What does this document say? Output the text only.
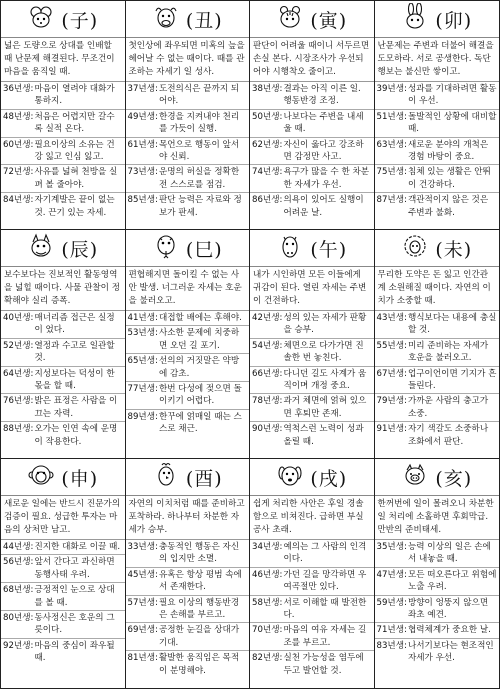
(子)
넓은 도량으로 상대를 인배할 때 난문제 해결된다. 무조건이 마음을 움직일 때.
36년생: 마음이 열려야 대화가 통하지.
48년생: 처음은 어렵지만 갈수록 실적 온다.
60년생: 필요이상의 소유는 건강 잃고 인심 잃고.
72년생: 사유를 넓혀 천방을 실펴 볼 줄아야.
84년생: 자기계발은 끝이 없는 것. 끈기 있는 자세.
(丑)
첫인상에 좌우되면 미혹의 늪을 헤어날 수 없는 때이다. 때를 관조하는 자세기 일 성사.
37년생: 도전의식은 끝까지 되어야.
49년생: 한경을 지켜내야 천리를 가듯이 실행.
61년생: 목언으로 행동이 앞서야 신뢰.
73년생: 운명의 허실을 정확한전 스스로를 점검.
85년생: 판단 능력은 자료와 정보가 판세.
(寅)
판단이 어려울 때이니 서두르면 손실 본다. 시장조사가 우선되어야 시행착오 줄이고.
38년생: 결과는 아직 이른 일. 행동반경 조정.
50년생: 나보다는 주변을 내세울 때.
62년생: 자신이 옳다고 강조하면 감정만 사고.
74년생: 욕구가 많을 수 한 차분한 자세가 우선.
86년생: 의욕이 있어도 실행이 어려운 날.
(卯)
난문제는 주변과 더불어 해결을 도모하라. 서로 공생한다. 독단 행보는 불신만 쌓이고.
39년생: 성과를 기대하려면 활동이 우선.
51년생: 돌발적인 상황에 대비할 때.
63년생: 새로운 분야의 개척은 경험 바탕이 중요.
75년생: 침체 있는 생활은 안뛰이 건강하다.
87년생: 객관적이지 않은 것은 주변과 불화.
(辰)
보수보다는 진보적인 활동영역을 넓힐 때이다. 사물 관찰이 정확해야 실리 증폭.
40년생: 매너리즘 접근은 실정이 었다.
52년생: 열정과 수고로 일관할 것.
64년생: 지성보다는 덕성이 한몫을 할 때.
76년생: 밝은 표정은 사람을 이끄는 자력.
88년생: 오가는 인연 속에 운명이 작용한다.
(巳)
편협해지면 돌이킬 수 없는 사안 발생. 너그러운 자세는 호운을 불러오고.
41년생: 대접할 배에는 후해야.
53년생: 사소한 문제에 치중하면 오던 길 포기.
65년생: 선의의 거짓말은 약방에 감초.
77년생: 한번 다성에 젖으면 돌이키기 어렵다.
89년생: 한꾸에 얽매일 때는 스스로 채근.
(午)
내가 시인하면 모든 이들에게 귀감이 된다. 열린 자세는 주변이 건전하다.
42년생: 성의 있는 자세가 판황을 승부.
54년생: 체면으로 다가가면 진솔한 번 놓친다.
66년생: 다니던 길도 사계가 움직이며 개정 중요.
78년생: 과거 체면에 얽혀 있으면 후퇴만 존재.
90년생: 역척스런 노력이 성과 올릴 때.
(未)
무리한 도약은 돈 잃고 인간관계 소원해질 때이다. 자연의 이치가 소중할 때.
43년생: 행식보다는 내용에 충실할 것.
55년생: 미리 준비하는 자세가 호운을 불러오고.
67년생: 업구이언이면 기지가 흔들린다.
79년생: 가까운 사람의 충고가 소중.
91년생: 자기 색갈도 소중하나 조화에서 판단.
(申)
새로운 일에는 반드시 진문가의 검증이 필요. 성급한 투자는 마음의 상처만 남고.
44년생: 진지한 대화로 이끌 때.
56년생: 앞서 간다고 과신하면 동행사태 우려.
68년생: 긍정적인 눈으로 상대를 볼 때.
80년생: 동사정신은 호운의 그릇이다.
92년생: 마음의 중심이 좌우될 때.
(酉)
자연의 이치처럼 때를 준비하고 포착하라. 하나부터 차분한 자세가 승부.
33년생: 충동적인 행동은 자신의 입지만 소멸.
45년생: 유혹은 항상 평범 속에서 존재한다.
57년생: 필요 이상의 행동반경은 손해를 부르고.
69년생: 공정한 눈길을 상대가 기대.
81년생: 활발한 움직임은 목적이 분명해야.
(戌)
쉽게 처리한 사안은 후일 경솔함으로 비쳐진다. 급하면 부실공사 초래.
34년생: 예의는 그 사람의 인격이다.
46년생: 가던 길을 망각하면 우여곡절만 있다.
58년생: 서로 이해할 때 발전한다.
70년생: 마음의 여유 자세는 길조를 부르고.
82년생: 실천 가능성을 염두에 두고 발언할 것.
(亥)
한꺼번에 일이 몰려오니 차분한 일 처리에 소홀하면 후회막급. 만반의 준비태세.
35년생: 능력 이상의 일은 손에서 내놓을 때.
47년생: 모든 떠오른다고 위험에 노출 우려.
59년생: 방향이 엉뚱지 않으면 좌초 예견.
71년생: 협력체계가 중요한 날.
83년생: 나서기보다는 현조적인 자세가 우선.
